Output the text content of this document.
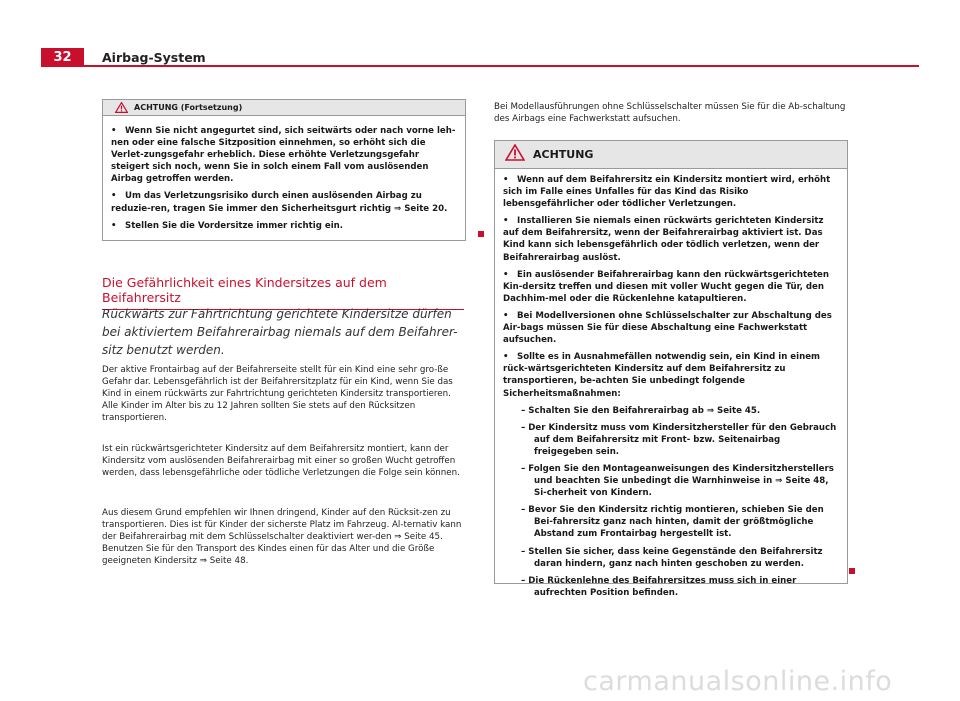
32	Airbag-System
ACHTUNG (Fortsetzung)
• Wenn Sie nicht angegurtet sind, sich seitwärts oder nach vorne leh-nen oder eine falsche Sitzposition einnehmen, so erhöht sich die Verlet-zungsgefahr erheblich. Diese erhöhte Verletzungsgefahr steigert sich noch, wenn Sie in solch einem Fall vom auslösenden Airbag getroffen werden.
• Um das Verletzungsrisiko durch einen auslösenden Airbag zu reduzie-ren, tragen Sie immer den Sicherheitsgurt richtig ⇒ Seite 20.
• Stellen Sie die Vordersitze immer richtig ein.
Die Gefährlichkeit eines Kindersitzes auf dem Beifahrersitz
Rückwärts zur Fahrtrichtung gerichtete Kindersitze dürfen bei aktiviertem Beifahrerairbag niemals auf dem Beifahrer-sitz benutzt werden.
Der aktive Frontairbag auf der Beifahrerseite stellt für ein Kind eine sehr gro-ße Gefahr dar. Lebensgefährlich ist der Beifahrersitzplatz für ein Kind, wenn Sie das Kind in einem rückwärts zur Fahrtrichtung gerichteten Kindersitz transportieren. Alle Kinder im Alter bis zu 12 Jahren sollten Sie stets auf den Rücksitzen transportieren.
Ist ein rückwärtsgerichteter Kindersitz auf dem Beifahrersitz montiert, kann der Kindersitz vom auslösenden Beifahrerairbag mit einer so großen Wucht getroffen werden, dass lebensgefährliche oder tödliche Verletzungen die Folge sein können.
Aus diesem Grund empfehlen wir Ihnen dringend, Kinder auf den Rücksit-zen zu transportieren. Dies ist für Kinder der sicherste Platz im Fahrzeug. Al-ternativ kann der Beifahrerairbag mit dem Schlüsselschalter deaktiviert wer-den ⇒ Seite 45. Benutzen Sie für den Transport des Kindes einen für das Alter und die Größe geeigneten Kindersitz ⇒ Seite 48.
Bei Modellausführungen ohne Schlüsselschalter müssen Sie für die Ab-schaltung des Airbags eine Fachwerkstatt aufsuchen.
ACHTUNG
• Wenn auf dem Beifahrersitz ein Kindersitz montiert wird, erhöht sich im Falle eines Unfalles für das Kind das Risiko lebensgefährlicher oder tödlicher Verletzungen.
• Installieren Sie niemals einen rückwärts gerichteten Kindersitz auf dem Beifahrersitz, wenn der Beifahrerairbag aktiviert ist. Das Kind kann sich lebensgefährlich oder tödlich verletzen, wenn der Beifahrerairbag auslöst.
• Ein auslösender Beifahrerairbag kann den rückwärtsgerichteten Kin-dersitz treffen und diesen mit voller Wucht gegen die Tür, den Dachhim-mel oder die Rückenlehne katapultieren.
• Bei Modellversionen ohne Schlüsselschalter zur Abschaltung des Air-bags müssen Sie für diese Abschaltung eine Fachwerkstatt aufsuchen.
• Sollte es in Ausnahmefällen notwendig sein, ein Kind in einem rück-wärtsgerichteten Kindersitz auf dem Beifahrersitz zu transportieren, be-achten Sie unbedingt folgende Sicherheitsmaßnahmen:
– Schalten Sie den Beifahrerairbag ab ⇒ Seite 45.
– Der Kindersitz muss vom Kindersitzhersteller für den Gebrauch auf dem Beifahrersitz mit Front- bzw. Seitenairbag freigegeben sein.
– Folgen Sie den Montageanweisungen des Kindersitzherstellers und beachten Sie unbedingt die Warnhinweise in ⇒ Seite 48, Si-cherheit von Kindern.
– Bevor Sie den Kindersitz richtig montieren, schieben Sie den Bei-fahrersitz ganz nach hinten, damit der größtmögliche Abstand zum Frontairbag hergestellt ist.
– Stellen Sie sicher, dass keine Gegenstände den Beifahrersitz daran hindern, ganz nach hinten geschoben zu werden.
– Die Rückenlehne des Beifahrersitzes muss sich in einer aufrechten Position befinden.
carmanualsonline.info
